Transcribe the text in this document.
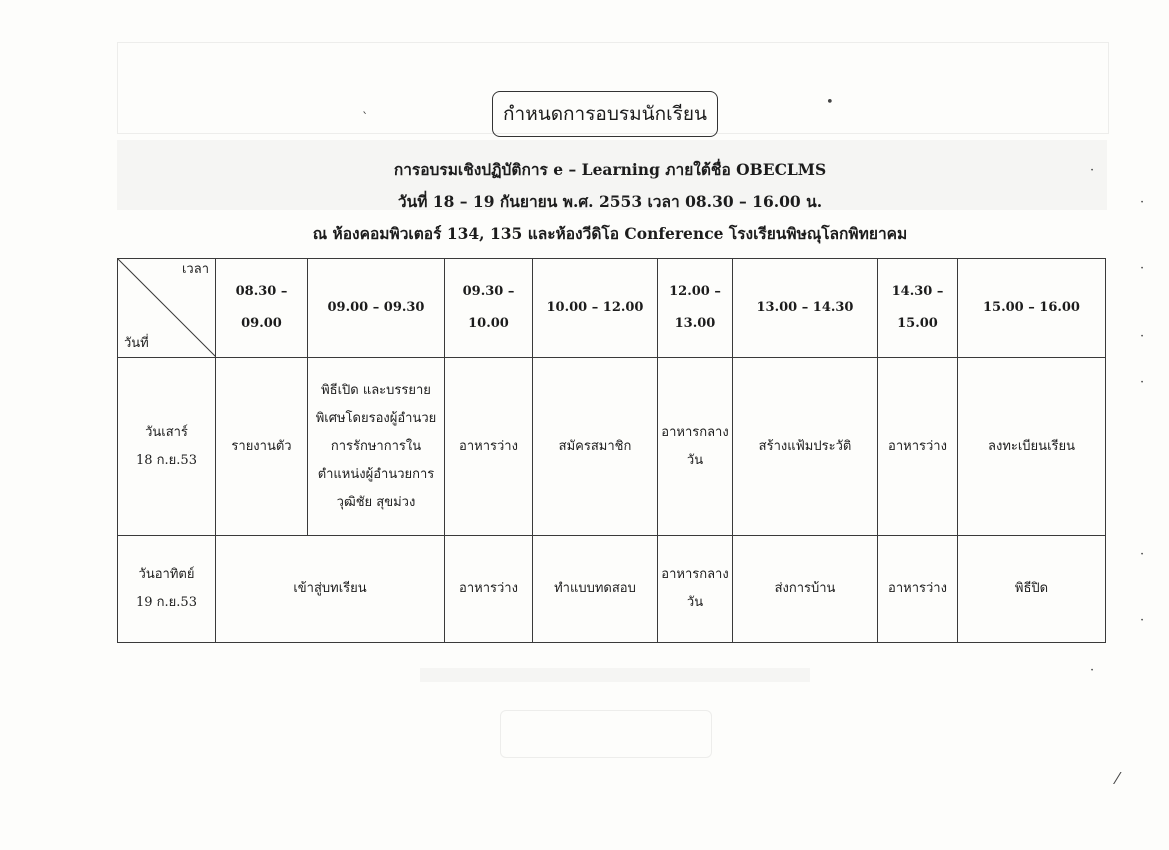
กำหนดการอบรมนักเรียน
การอบรมเชิงปฏิบัติการ e – Learning ภายใต้ชื่อ OBECLMS
วันที่ 18 – 19 กันยายน พ.ศ. 2553 เวลา 08.30 – 16.00 น.
ณ ห้องคอมพิวเตอร์ 134, 135 และห้องวีดิโอ Conference โรงเรียนพิษณุโลกพิทยาคม
เวลา
วันที่	08.30 – 09.00	09.00 – 09.30	09.30 – 10.00	10.00 – 12.00	12.00 – 13.00	13.00 – 14.30	14.30 – 15.00	15.00 – 16.00

วันเสาร์
18 ก.ย.53	รายงานตัว	พิธีเปิด และบรรยายพิเศษโดยรองผู้อำนวยการรักษาการในตำแหน่งผู้อำนวยการ วุฒิชัย สุขม่วง	อาหารว่าง	สมัครสมาชิก	อาหารกลางวัน	สร้างแฟ้มประวัติ	อาหารว่าง	ลงทะเบียนเรียน

วันอาทิตย์
19 ก.ย.53	เข้าสู่บทเรียน		อาหารว่าง	ทำแบบทดสอบ	อาหารกลางวัน	ส่งการบ้าน	อาหารว่าง	พิธีปิด
`
•
·
·
·
·
·
·
·
·
⁄
